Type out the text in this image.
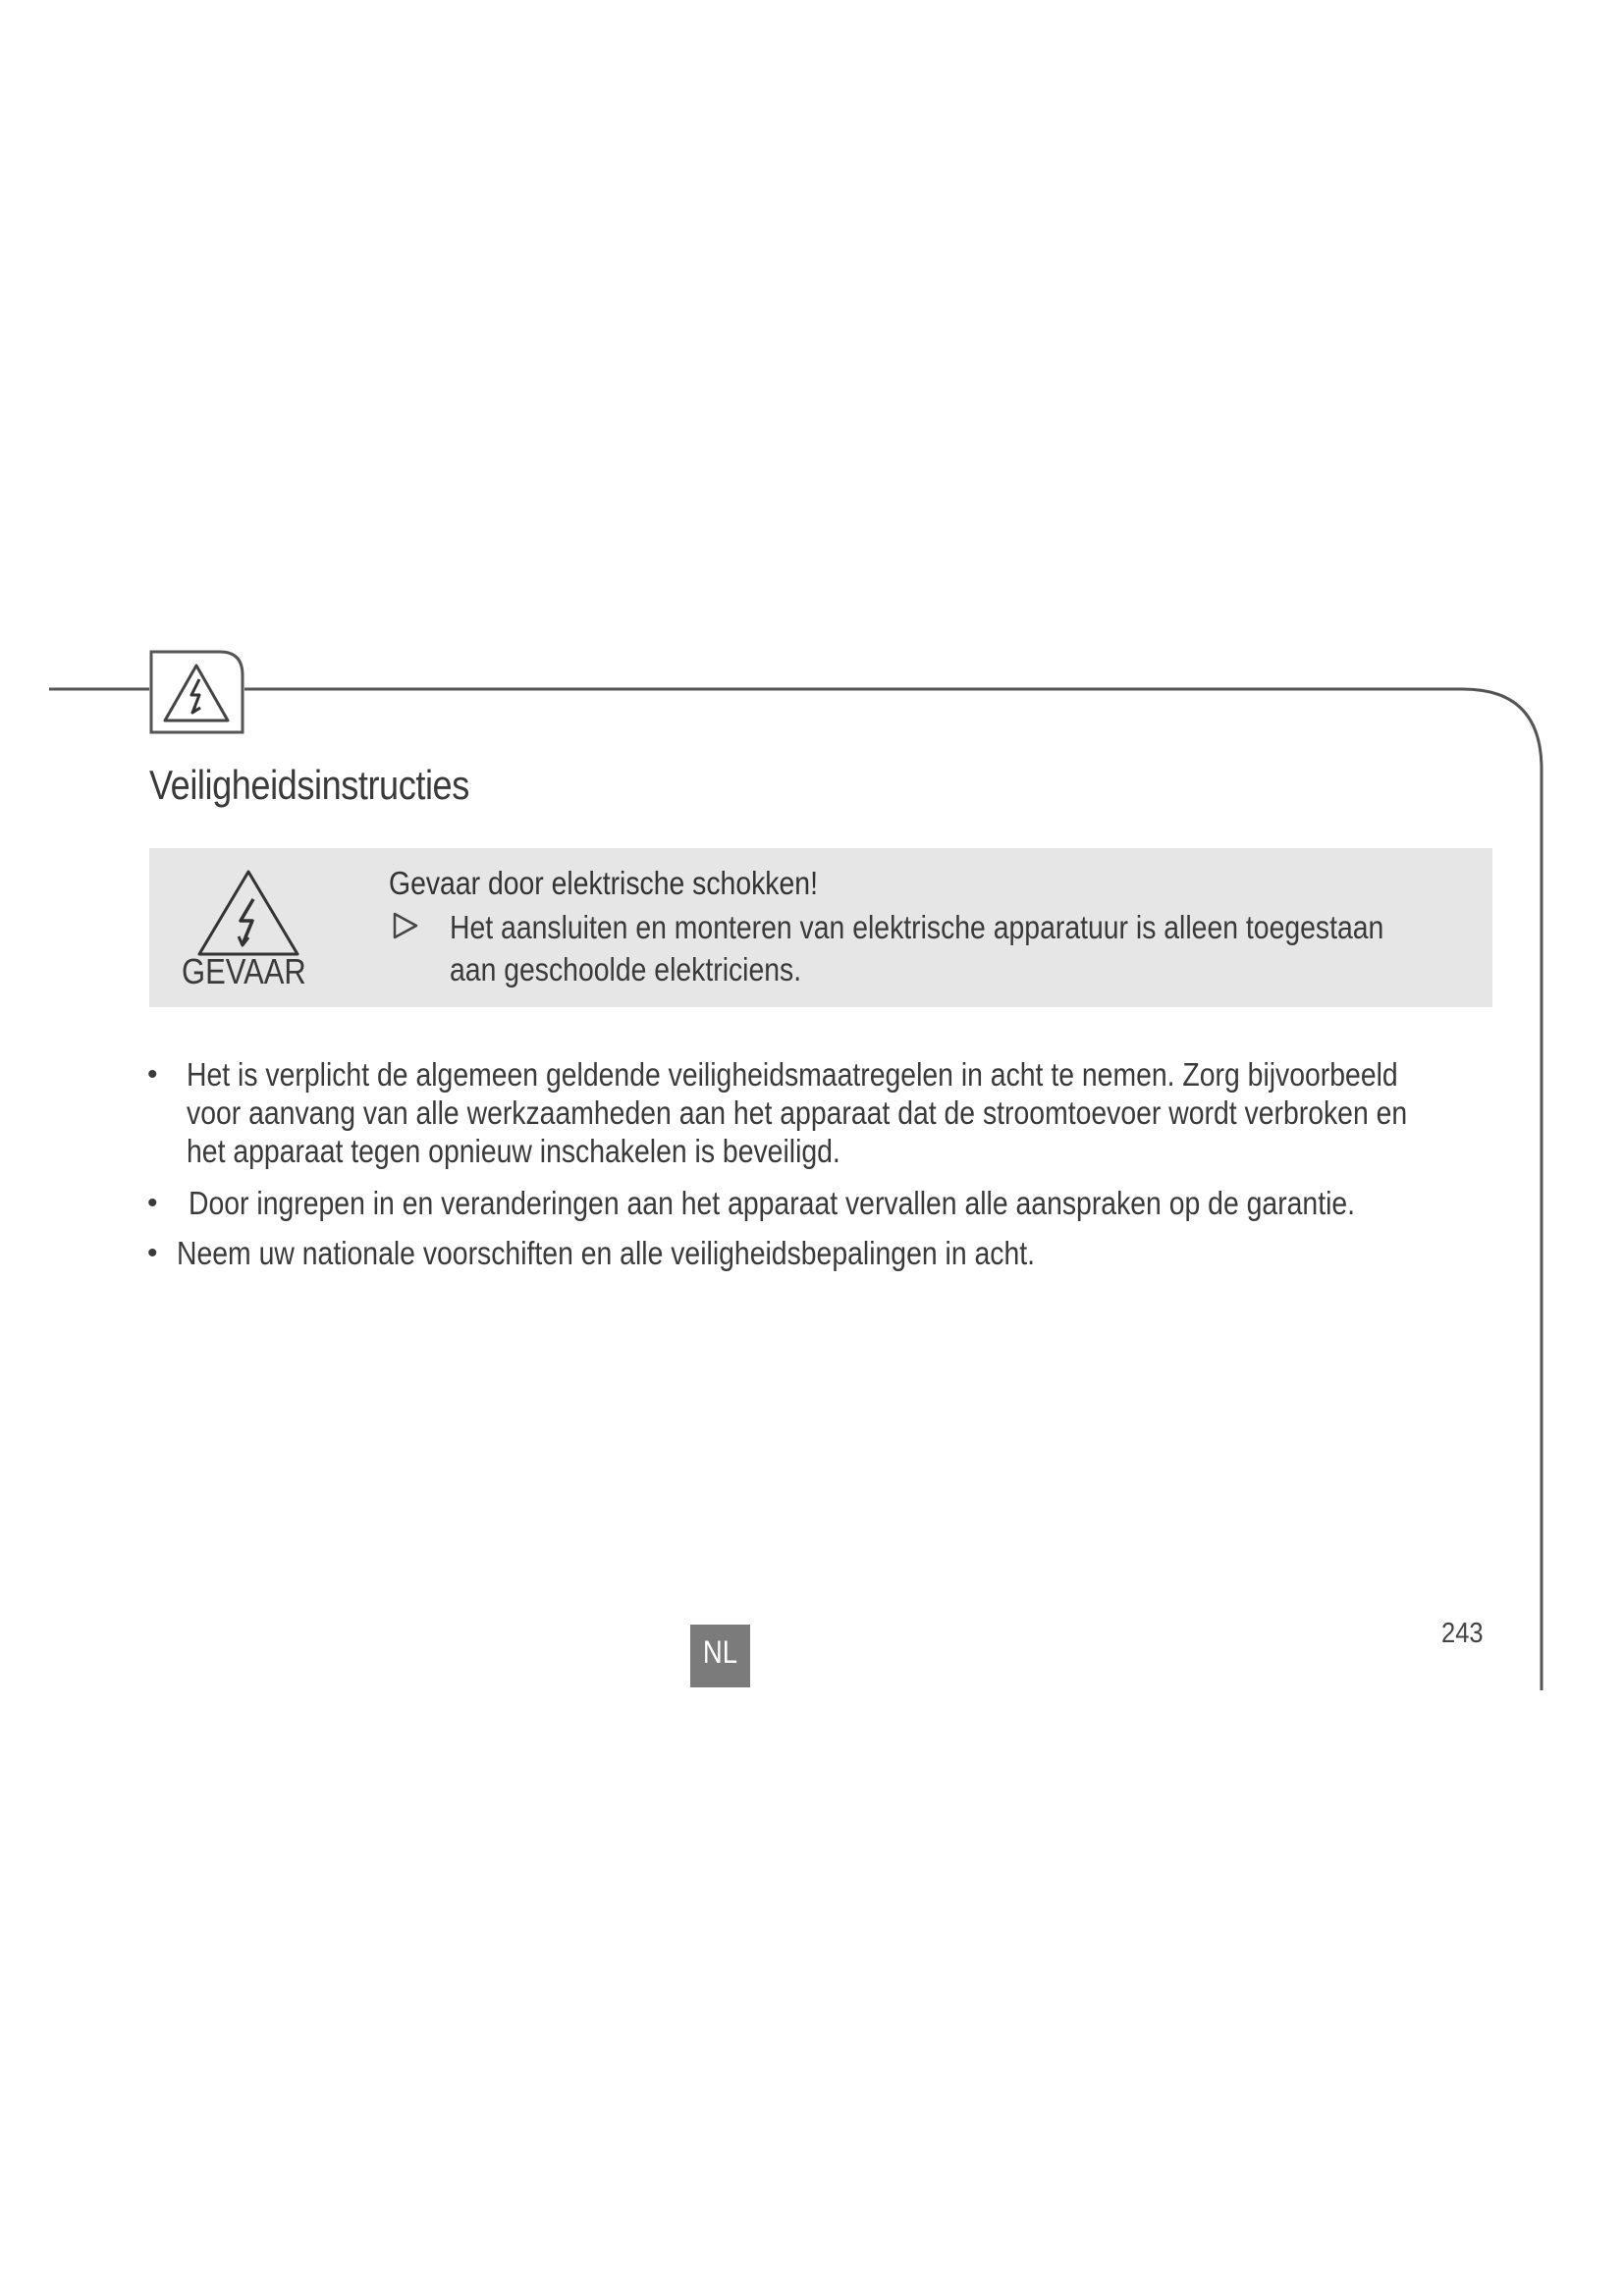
Veiligheidsinstructies
GEVAAR
Gevaar door elektrische schokken!
Het aansluiten en monteren van elektrische apparatuur is alleen toegestaan
aan geschoolde elektriciens.
• Het is verplicht de algemeen geldende veiligheidsmaatregelen in acht te nemen. Zorg bijvoorbeeld
voor aanvang van alle werkzaamheden aan het apparaat dat de stroomtoevoer wordt verbroken en
het apparaat tegen opnieuw inschakelen is beveiligd.
• Door ingrepen in en veranderingen aan het apparaat vervallen alle aanspraken op de garantie.
• Neem uw nationale voorschiften en alle veiligheidsbepalingen in acht.
NL
243
